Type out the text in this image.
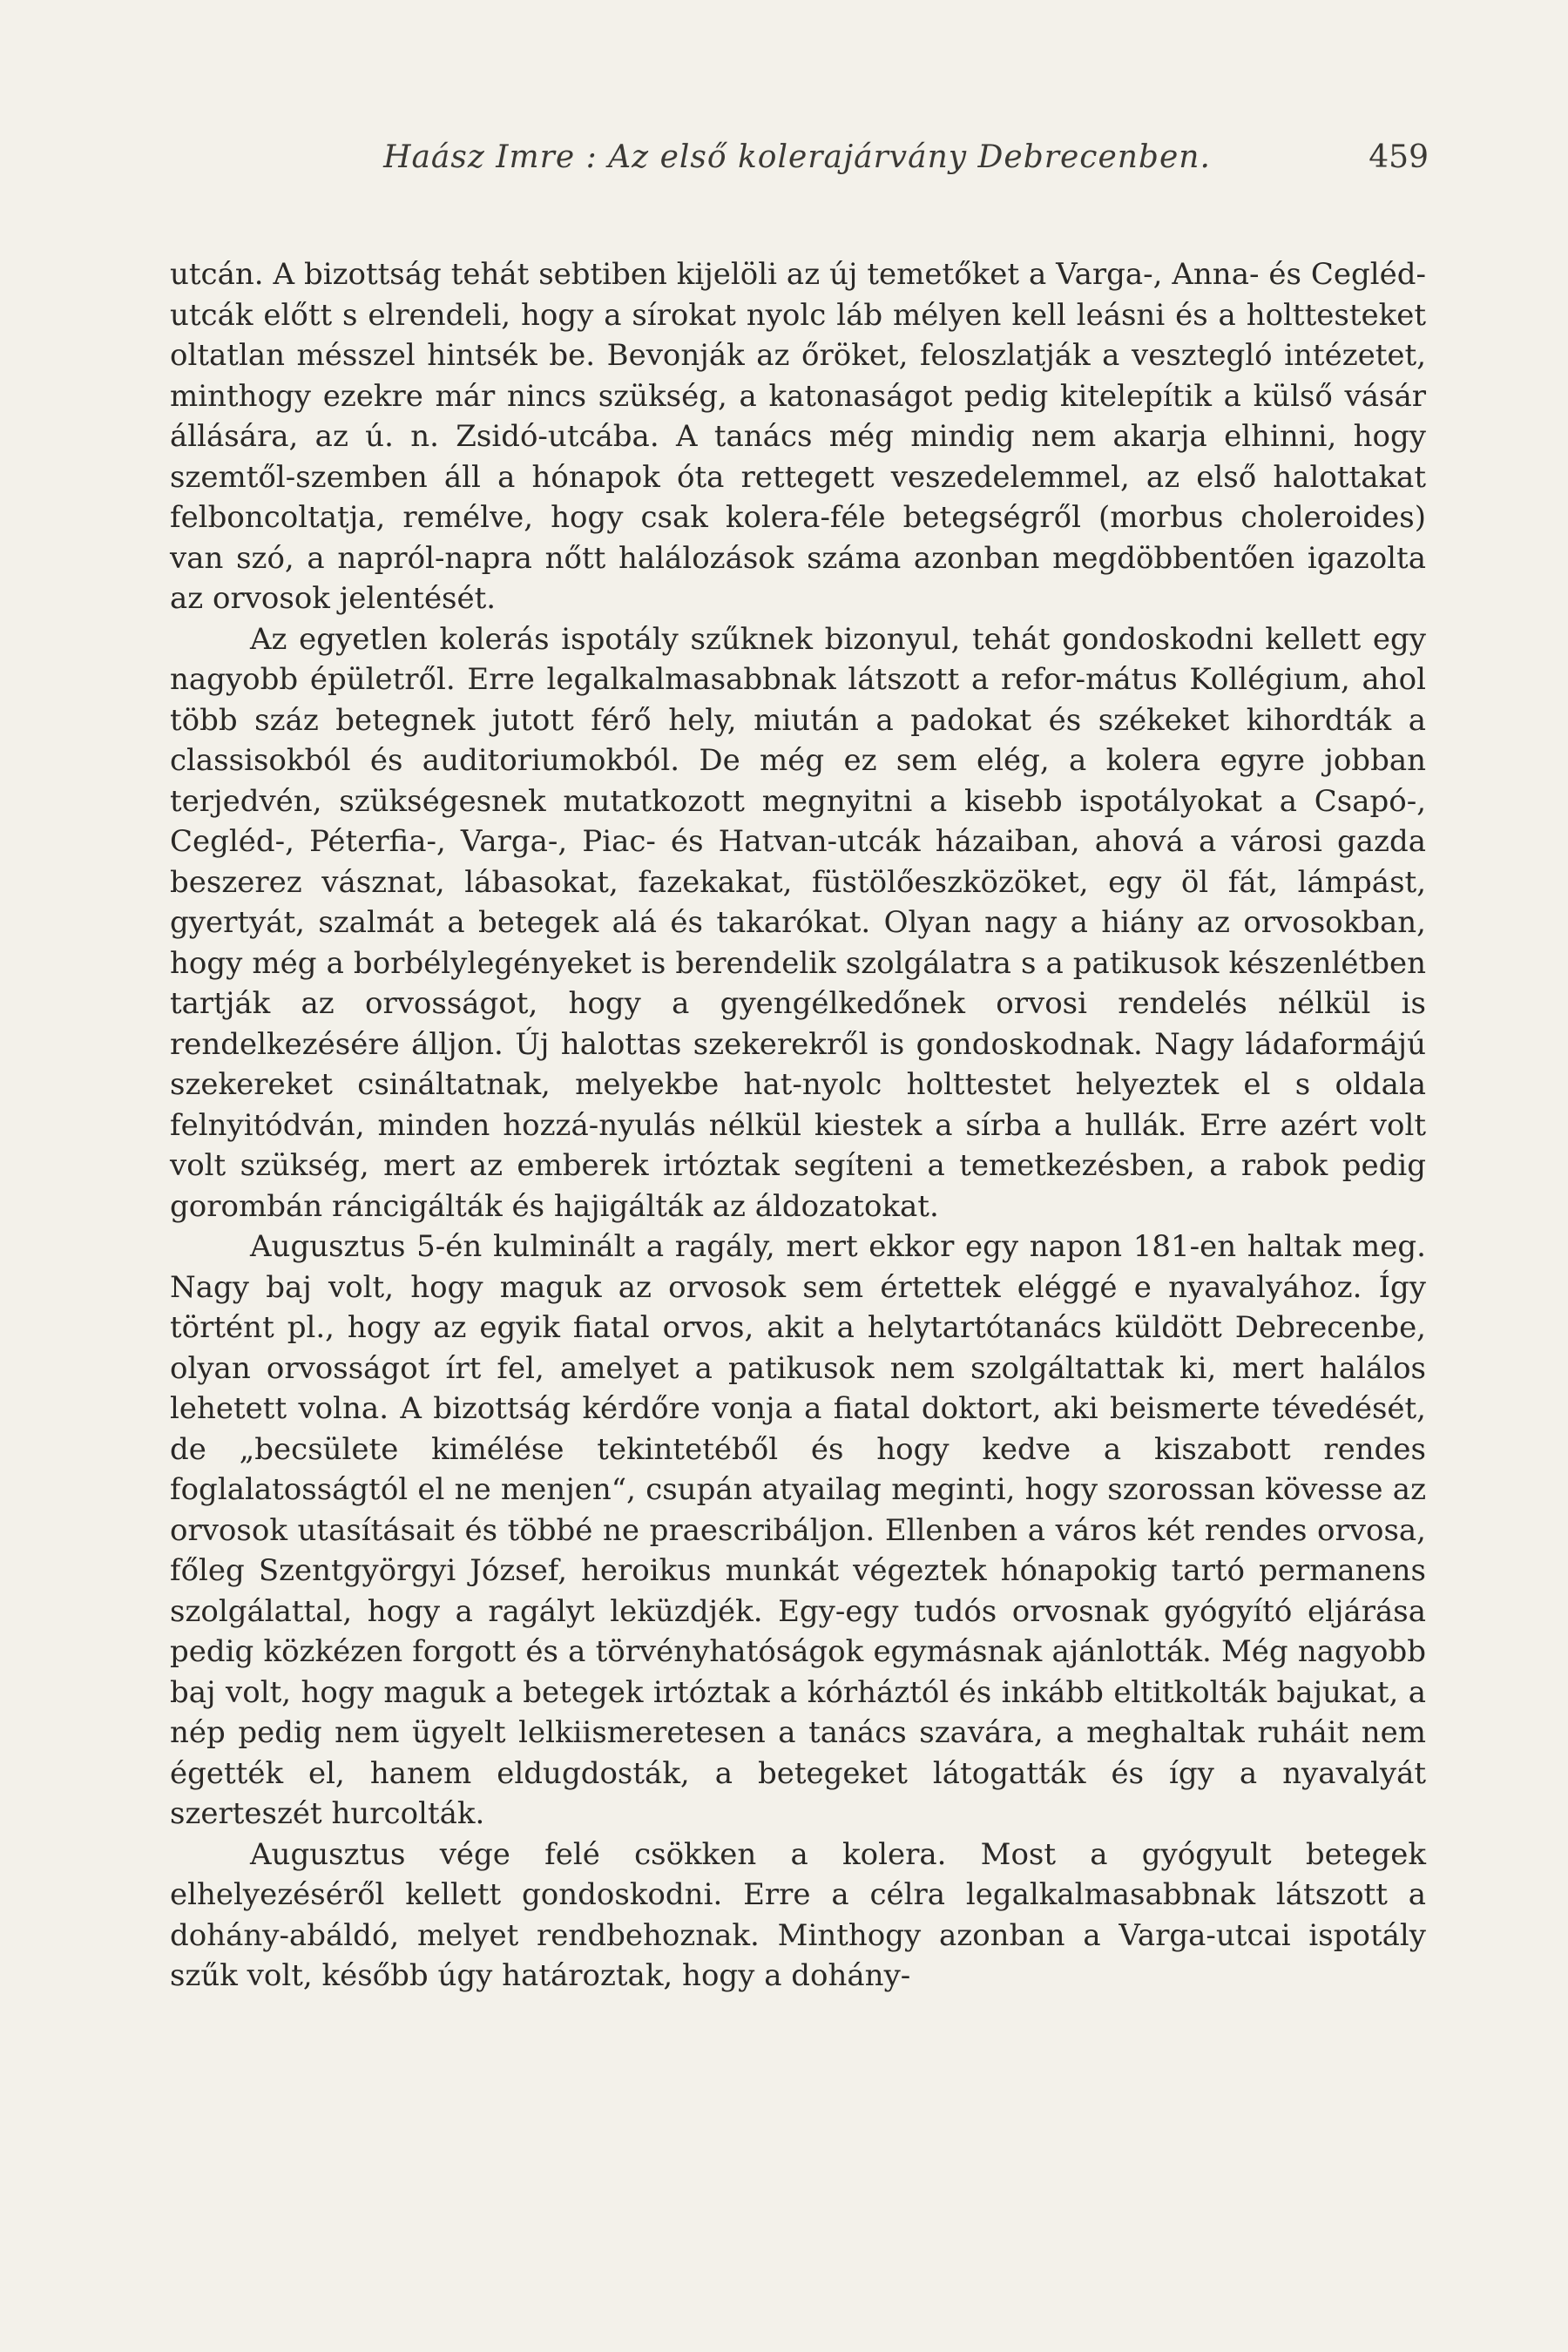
Haász Imre : Az első kolerajárvány Debrecenben.	459

utcán. A bizottság tehát sebtiben kijelöli az új temetőket a Varga-, Anna- és Cegléd-utcák előtt s elrendeli, hogy a sírokat nyolc láb mélyen kell leásni és a holttesteket oltatlan mésszel hintsék be. Bevonják az őröket, feloszlatják a vesztegló intézetet, minthogy ezekre már nincs szükség, a katonaságot pedig kitelepítik a külső vásár állására, az ú. n. Zsidó-utcába. A tanács még mindig nem akarja elhinni, hogy szemtől-szemben áll a hónapok óta rettegett veszedelemmel, az első halottakat felboncoltatja, remélve, hogy csak kolera-féle betegségről (morbus choleroides) van szó, a napról-napra nőtt halálozások száma azonban megdöbbentően igazolta az orvosok jelentését.

Az egyetlen kolerás ispotály szűknek bizonyul, tehát gondoskodni kellett egy nagyobb épületről. Erre legalkalmasabbnak látszott a refor-mátus Kollégium, ahol több száz betegnek jutott férő hely, miután a padokat és székeket kihordták a classisokból és auditoriumokból. De még ez sem elég, a kolera egyre jobban terjedvén, szükségesnek mutatkozott megnyitni a kisebb ispotályokat a Csapó-, Cegléd-, Péterfia-, Varga-, Piac- és Hatvan-utcák házaiban, ahová a városi gazda beszerez vásznat, lábasokat, fazekakat, füstölőeszközöket, egy öl fát, lámpást, gyertyát, szalmát a betegek alá és takarókat. Olyan nagy a hiány az orvosokban, hogy még a borbélylegényeket is berendelik szolgálatra s a patikusok készenlétben tartják az orvosságot, hogy a gyengélkedőnek orvosi rendelés nélkül is rendelkezésére álljon. Új halottas szekerekről is gondoskodnak. Nagy ládaformájú szekereket csináltatnak, melyekbe hat-nyolc holttestet helyeztek el s oldala felnyitódván, minden hozzá-nyulás nélkül kiestek a sírba a hullák. Erre azért volt volt szükség, mert az emberek irtóztak segíteni a temetkezésben, a rabok pedig gorombán ráncigálták és hajigálták az áldozatokat.

Augusztus 5-én kulminált a ragály, mert ekkor egy napon 181-en haltak meg. Nagy baj volt, hogy maguk az orvosok sem értettek eléggé e nyavalyához. Így történt pl., hogy az egyik fiatal orvos, akit a helytartótanács küldött Debrecenbe, olyan orvosságot írt fel, amelyet a patikusok nem szolgáltattak ki, mert halálos lehetett volna. A bizottság kérdőre vonja a fiatal doktort, aki beismerte tévedését, de „becsülete kimélése tekintetéből és hogy kedve a kiszabott rendes foglalatosságtól el ne menjen“, csupán atyailag meginti, hogy szorossan kövesse az orvosok utasításait és többé ne praescribáljon. Ellenben a város két rendes orvosa, főleg Szentgyörgyi József, heroikus munkát végeztek hónapokig tartó permanens szolgálattal, hogy a ragályt leküzdjék. Egy-egy tudós orvosnak gyógyító eljárása pedig közkézen forgott és a törvényhatóságok egymásnak ajánlották. Még nagyobb baj volt, hogy maguk a betegek irtóztak a kórháztól és inkább eltitkolták bajukat, a nép pedig nem ügyelt lelkiismeretesen a tanács szavára, a meghaltak ruháit nem égették el, hanem eldugdosták, a betegeket látogatták és így a nyavalyát szerteszét hurcolták.

Augusztus vége felé csökken a kolera. Most a gyógyult betegek elhelyezéséről kellett gondoskodni. Erre a célra legalkalmasabbnak látszott a dohány-abáldó, melyet rendbehoznak. Minthogy azonban a Varga-utcai ispotály szűk volt, később úgy határoztak, hogy a dohány-
